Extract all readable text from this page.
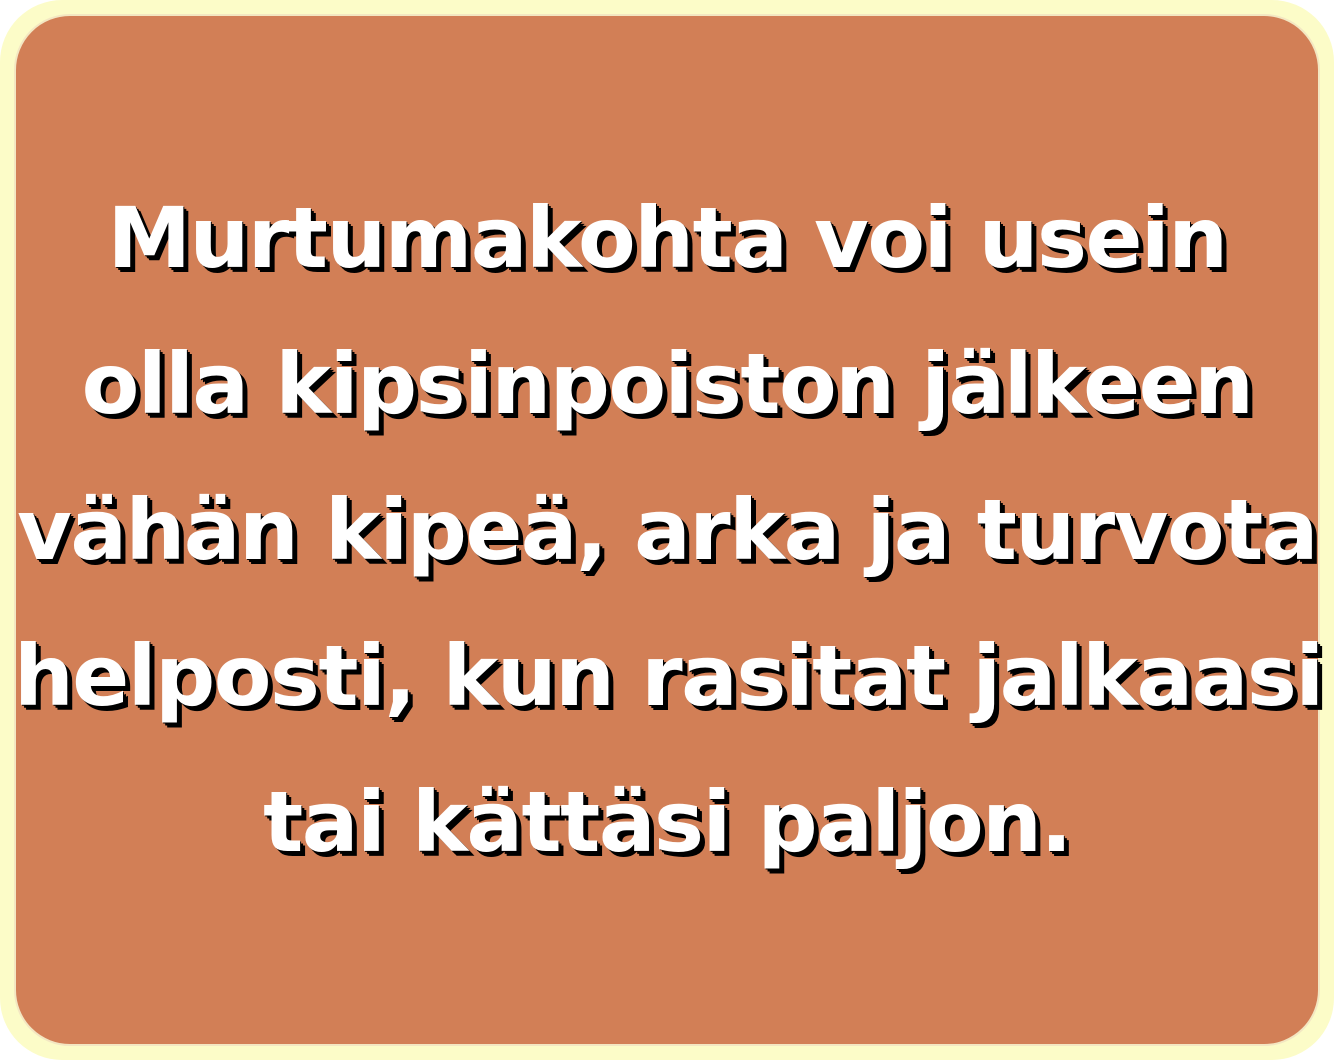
Murtumakohta voi usein
olla kipsinpoiston jälkeen
vähän kipeä, arka ja turvota
helposti, kun rasitat jalkaasi
tai kättäsi paljon.
